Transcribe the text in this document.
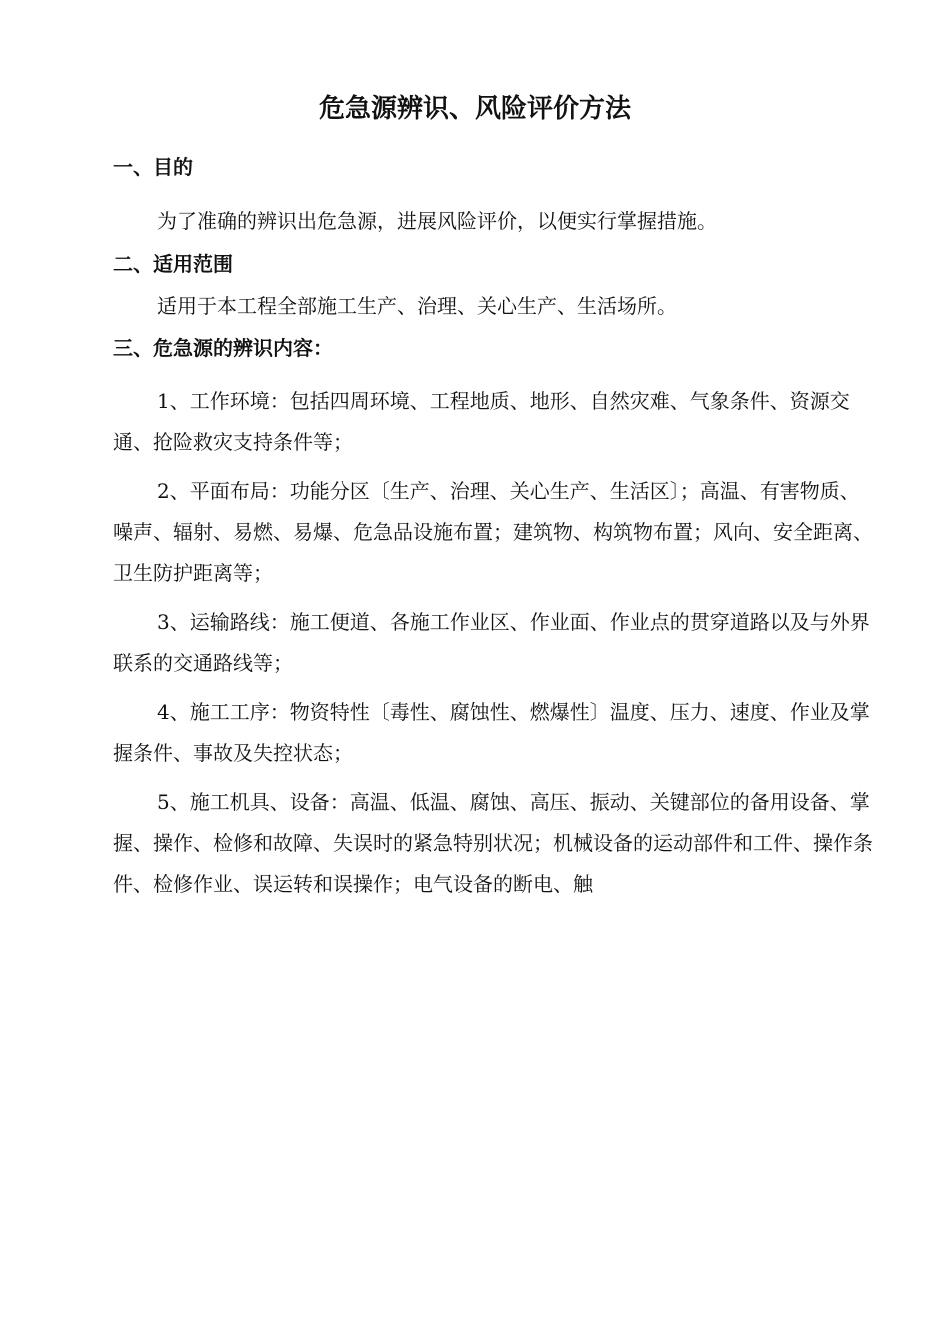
危急源辨识、风险评价方法

一、目的

为了准确的辨识出危急源，进展风险评价，以便实行掌握措施。

二、适用范围

适用于本工程全部施工生产、治理、关心生产、生活场所。

三、危急源的辨识内容：

1、工作环境：包括四周环境、工程地质、地形、自然灾难、气象条件、资源交通、抢险救灾支持条件等；

2、平面布局：功能分区〔生产、治理、关心生产、生活区〕；高温、有害物质、噪声、辐射、易燃、易爆、危急品设施布置；建筑物、构筑物布置；风向、安全距离、卫生防护距离等；

3、运输路线：施工便道、各施工作业区、作业面、作业点的贯穿道路以及与外界联系的交通路线等；

4、施工工序：物资特性〔毒性、腐蚀性、燃爆性〕温度、压力、速度、作业及掌握条件、事故及失控状态；

5、施工机具、设备：高温、低温、腐蚀、高压、振动、关键部位的备用设备、掌握、操作、检修和故障、失误时的紧急特别状况；机械设备的运动部件和工件、操作条件、检修作业、误运转和误操作；电气设备的断电、触
